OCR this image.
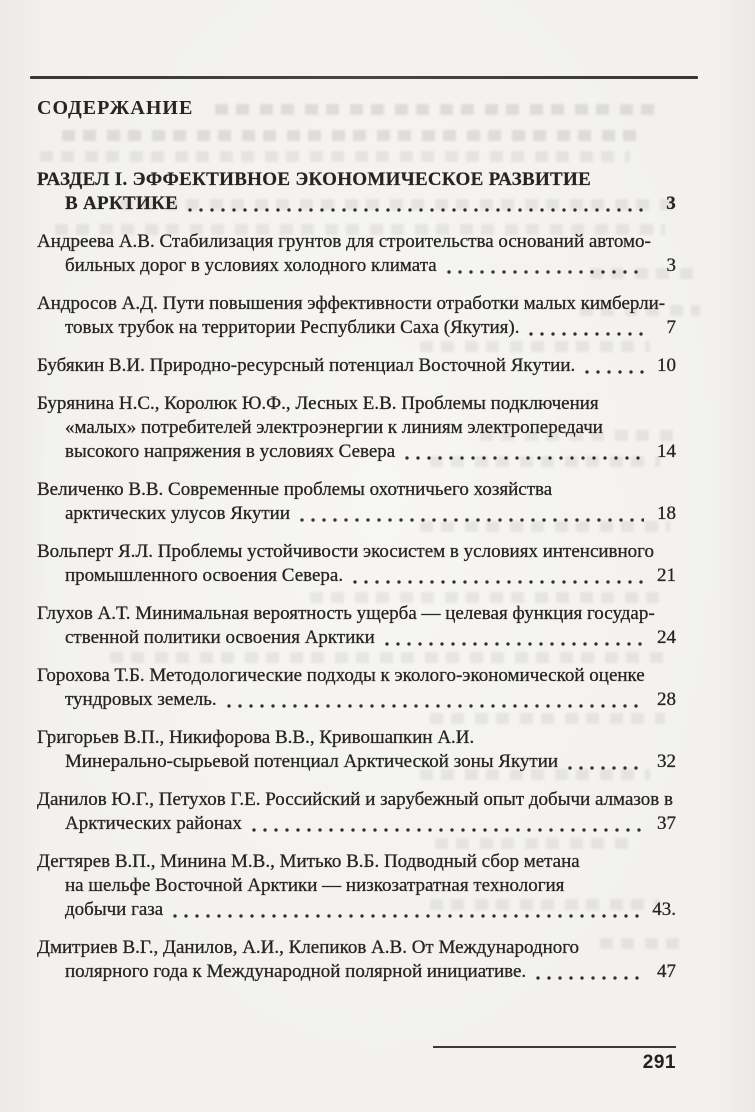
СОДЕРЖАНИЕ
РАЗДЕЛ I. ЭФФЕКТИВНОЕ ЭКОНОМИЧЕСКОЕ РАЗВИТИЕ
В АРКТИКЕ	3
Андреева А.В. Стабилизация грунтов для строительства оснований автомо-
бильных дорог в условиях холодного климата	3
Андросов А.Д. Пути повышения эффективности отработки малых кимберли-
товых трубок на территории Республики Саха (Якутия).	7
Бубякин В.И. Природно-ресурсный потенциал Восточной Якутии.	10
Бурянина Н.С., Королюк Ю.Ф., Лесных Е.В. Проблемы подключения
«малых» потребителей электроэнергии к линиям электропередачи
высокого напряжения в условиях Севера	14
Величенко В.В. Современные проблемы охотничьего хозяйства
арктических улусов Якутии	18
Вольперт Я.Л. Проблемы устойчивости экосистем в условиях интенсивного
промышленного освоения Севера.	21
Глухов А.Т. Минимальная вероятность ущерба — целевая функция государ-
ственной политики освоения Арктики	24
Горохова Т.Б. Методологические подходы к эколого-экономической оценке
тундровых земель.	28
Григорьев В.П., Никифорова В.В., Кривошапкин А.И.
Минерально-сырьевой потенциал Арктической зоны Якутии	32
Данилов Ю.Г., Петухов Г.Е. Российский и зарубежный опыт добычи алмазов в
Арктических районах	37
Дегтярев В.П., Минина М.В., Митько В.Б. Подводный сбор метана
на шельфе Восточной Арктики — низкозатратная технология
добычи газа	43.
Дмитриев В.Г., Данилов, А.И., Клепиков А.В. От Международного
полярного года к Международной полярной инициативе.	47
291
